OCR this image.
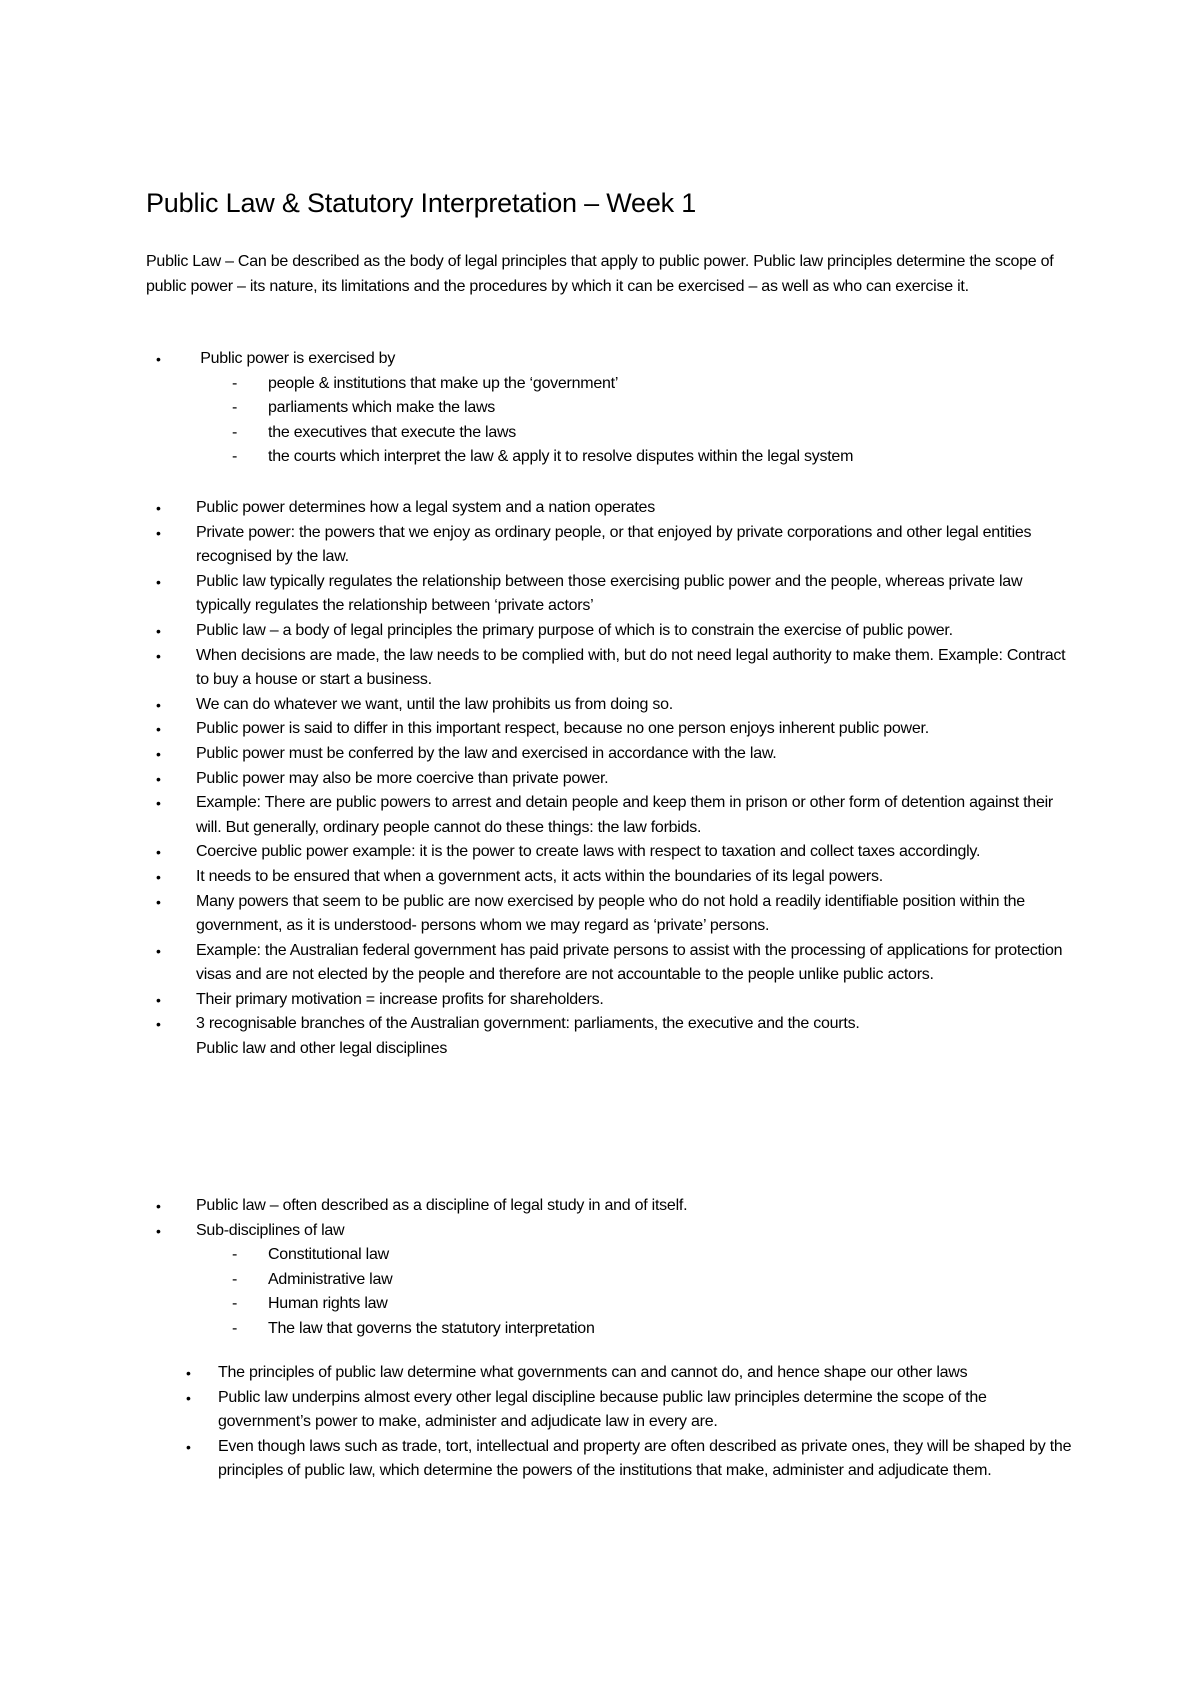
Public Law & Statutory Interpretation – Week 1

Public Law – Can be described as the body of legal principles that apply to public power. Public law principles determine the scope of public power – its nature, its limitations and the procedures by which it can be exercised – as well as who can exercise it.

• Public power is exercised by
- people & institutions that make up the ‘government’
- parliaments which make the laws
- the executives that execute the laws
- the courts which interpret the law & apply it to resolve disputes within the legal system
• Public power determines how a legal system and a nation operates
• Private power: the powers that we enjoy as ordinary people, or that enjoyed by private corporations and other legal entities recognised by the law.
• Public law typically regulates the relationship between those exercising public power and the people, whereas private law typically regulates the relationship between ‘private actors’
• Public law – a body of legal principles the primary purpose of which is to constrain the exercise of public power.
• When decisions are made, the law needs to be complied with, but do not need legal authority to make them. Example: Contract to buy a house or start a business.
• We can do whatever we want, until the law prohibits us from doing so.
• Public power is said to differ in this important respect, because no one person enjoys inherent public power.
• Public power must be conferred by the law and exercised in accordance with the law.
• Public power may also be more coercive than private power.
• Example: There are public powers to arrest and detain people and keep them in prison or other form of detention against their will. But generally, ordinary people cannot do these things: the law forbids.
• Coercive public power example: it is the power to create laws with respect to taxation and collect taxes accordingly.
• It needs to be ensured that when a government acts, it acts within the boundaries of its legal powers.
• Many powers that seem to be public are now exercised by people who do not hold a readily identifiable position within the government, as it is understood- persons whom we may regard as ‘private’ persons.
• Example: the Australian federal government has paid private persons to assist with the processing of applications for protection visas and are not elected by the people and therefore are not accountable to the people unlike public actors.
• Their primary motivation = increase profits for shareholders.
• 3 recognisable branches of the Australian government: parliaments, the executive and the courts.
Public law and other legal disciplines
• Public law – often described as a discipline of legal study in and of itself.
• Sub-disciplines of law
- Constitutional law
- Administrative law
- Human rights law
- The law that governs the statutory interpretation
• The principles of public law determine what governments can and cannot do, and hence shape our other laws
• Public law underpins almost every other legal discipline because public law principles determine the scope of the government’s power to make, administer and adjudicate law in every are.
• Even though laws such as trade, tort, intellectual and property are often described as private ones, they will be shaped by the principles of public law, which determine the powers of the institutions that make, administer and adjudicate them.
